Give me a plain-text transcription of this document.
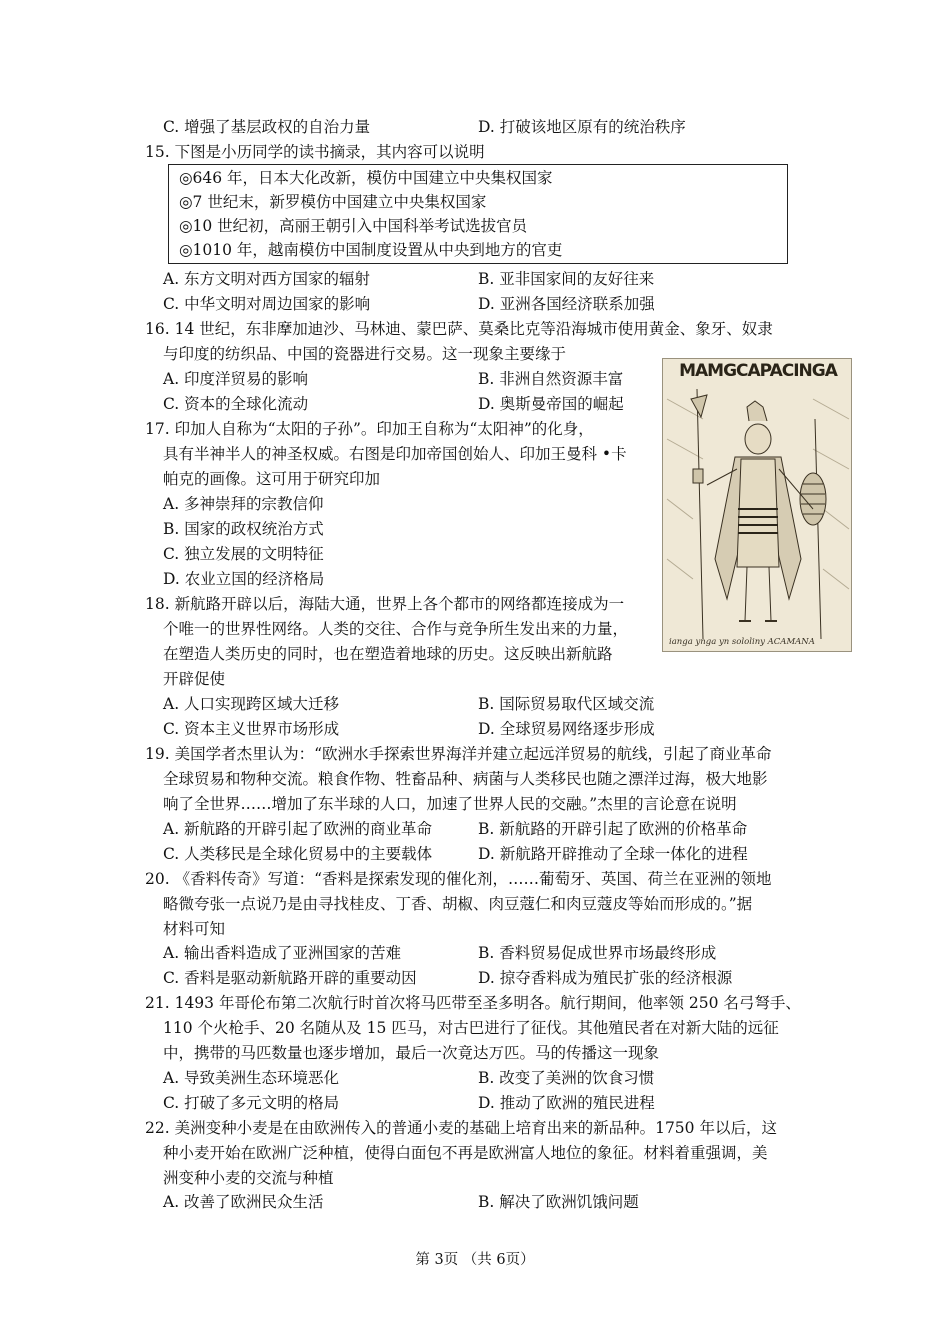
C. 增强了基层政权的自治力量	D. 打破该地区原有的统治秩序
15. 下图是小历同学的读书摘录，其内容可以说明
◎646 年，日本大化改新，模仿中国建立中央集权国家
◎7 世纪末，新罗模仿中国建立中央集权国家
◎10 世纪初，高丽王朝引入中国科举考试选拔官员
◎1010 年，越南模仿中国制度设置从中央到地方的官吏
A. 东方文明对西方国家的辐射	B. 亚非国家间的友好往来
C. 中华文明对周边国家的影响	D. 亚洲各国经济联系加强
16. 14 世纪，东非摩加迪沙、马林迪、蒙巴萨、莫桑比克等沿海城市使用黄金、象牙、奴隶
与印度的纺织品、中国的瓷器进行交易。这一现象主要缘于
A. 印度洋贸易的影响	B. 非洲自然资源丰富
C. 资本的全球化流动	D. 奥斯曼帝国的崛起
MAMGCAPACINGA
ianga ynga yn sololiny ACAMANA
17. 印加人自称为“太阳的子孙”。印加王自称为“太阳神”的化身，
具有半神半人的神圣权威。右图是印加帝国创始人、印加王曼科 •卡
帕克的画像。这可用于研究印加
A. 多神崇拜的宗教信仰
B. 国家的政权统治方式
C. 独立发展的文明特征
D. 农业立国的经济格局
18. 新航路开辟以后，海陆大通，世界上各个都市的网络都连接成为一
个唯一的世界性网络。人类的交往、合作与竞争所生发出来的力量，
在塑造人类历史的同时，也在塑造着地球的历史。这反映出新航路
开辟促使
A. 人口实现跨区域大迁移	B. 国际贸易取代区域交流
C. 资本主义世界市场形成	D. 全球贸易网络逐步形成
19. 美国学者杰里认为：“欧洲水手探索世界海洋并建立起远洋贸易的航线，引起了商业革命
全球贸易和物种交流。粮食作物、牲畜品种、病菌与人类移民也随之漂洋过海，极大地影
响了全世界……增加了东半球的人口，加速了世界人民的交融。”杰里的言论意在说明
A. 新航路的开辟引起了欧洲的商业革命	B. 新航路的开辟引起了欧洲的价格革命
C. 人类移民是全球化贸易中的主要载体	D. 新航路开辟推动了全球一体化的进程
20. 《香料传奇》写道：“香料是探索发现的催化剂，……葡萄牙、英国、荷兰在亚洲的领地
略微夸张一点说乃是由寻找桂皮、丁香、胡椒、肉豆蔻仁和肉豆蔻皮等始而形成的。”据
材料可知
A. 输出香料造成了亚洲国家的苦难	B. 香料贸易促成世界市场最终形成
C. 香料是驱动新航路开辟的重要动因	D. 掠夺香料成为殖民扩张的经济根源
21. 1493 年哥伦布第二次航行时首次将马匹带至圣多明各。航行期间，他率领 250 名弓弩手、
110 个火枪手、20 名随从及 15 匹马，对古巴进行了征伐。其他殖民者在对新大陆的远征
中，携带的马匹数量也逐步增加，最后一次竟达万匹。马的传播这一现象
A. 导致美洲生态环境恶化	B. 改变了美洲的饮食习惯
C. 打破了多元文明的格局	D. 推动了欧洲的殖民进程
22. 美洲变种小麦是在由欧洲传入的普通小麦的基础上培育出来的新品种。1750 年以后，这
种小麦开始在欧洲广泛种植，使得白面包不再是欧洲富人地位的象征。材料着重强调，美
洲变种小麦的交流与种植
A. 改善了欧洲民众生活	B. 解决了欧洲饥饿问题
第 3页 （共 6页）
